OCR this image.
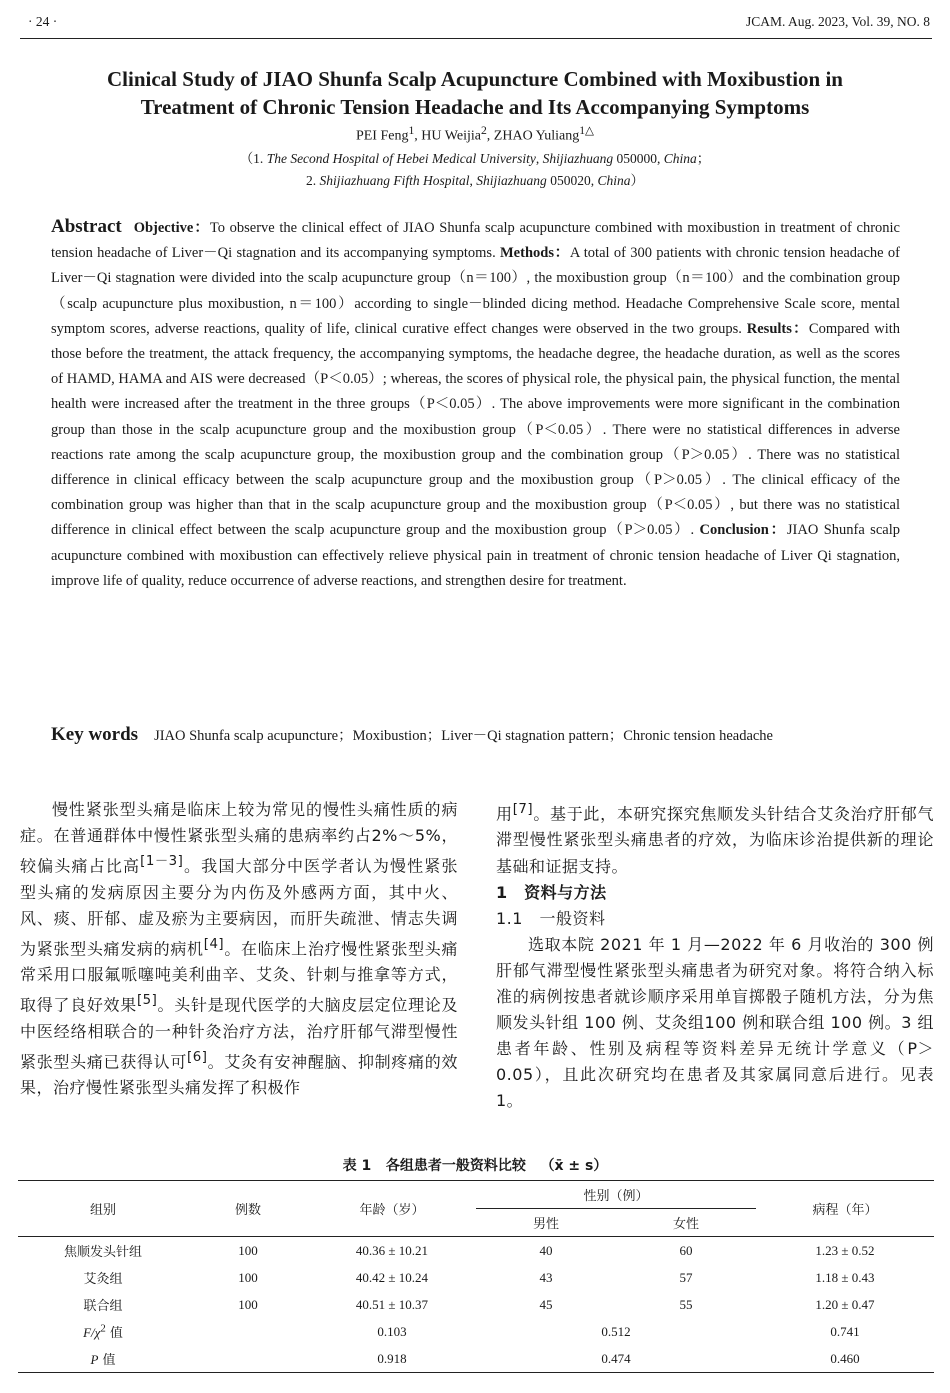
· 24 ·	JCAM. Aug. 2023, Vol. 39, NO. 8
Clinical Study of JIAO Shunfa Scalp Acupuncture Combined with Moxibustion in
Treatment of Chronic Tension Headache and Its Accompanying Symptoms
PEI Feng$^1$, HU Weijia$^2$, ZHAO Yuliang$^{1\triangle}$
（1. The Second Hospital of Hebei Medical University, Shijiazhuang 050000, China；
2. Shijiazhuang Fifth Hospital, Shijiazhuang 050020, China）
Abstract Objective：To observe the clinical effect of JIAO Shunfa scalp acupuncture combined with moxibustion in treatment of chronic tension headache of Liver－Qi stagnation and its accompanying symptoms. Methods：A total of 300 patients with chronic tension headache of Liver－Qi stagnation were divided into the scalp acupuncture group（n＝100）, the moxibustion group（n＝100）and the combination group（scalp acupuncture plus moxibustion, n＝100）according to single－blinded dicing method. Headache Comprehensive Scale score, mental symptom scores, adverse reactions, quality of life, clinical curative effect changes were observed in the two groups. Results：Compared with those before the treatment, the attack frequency, the accompanying symptoms, the headache degree, the headache duration, as well as the scores of HAMD, HAMA and AIS were decreased（P＜0.05）; whereas, the scores of physical role, the physical pain, the physical function, the mental health were increased after the treatment in the three groups（P＜0.05）. The above improvements were more significant in the combination group than those in the scalp acupuncture group and the moxibustion group（P＜0.05）. There were no statistical differences in adverse reactions rate among the scalp acupuncture group, the moxibustion group and the combination group（P＞0.05）. There was no statistical difference in clinical efficacy between the scalp acupuncture group and the moxibustion group（P＞0.05）. The clinical efficacy of the combination group was higher than that in the scalp acupuncture group and the moxibustion group（P＜0.05）, but there was no statistical difference in clinical effect between the scalp acupuncture group and the moxibustion group（P＞0.05）. Conclusion：JIAO Shunfa scalp acupuncture combined with moxibustion can effectively relieve physical pain in treatment of chronic tension headache of Liver Qi stagnation, improve life of quality, reduce occurrence of adverse reactions, and strengthen desire for treatment.
Key words JIAO Shunfa scalp acupuncture；Moxibustion；Liver－Qi stagnation pattern；Chronic tension headache

慢性紧张型头痛是临床上较为常见的慢性头痛性质的病症。在普通群体中慢性紧张型头痛的患病率约占2%～5%，较偏头痛占比高[1－3]。我国大部分中医学者认为慢性紧张型头痛的发病原因主要分为内伤及外感两方面，其中火、风、痰、肝郁、虚及瘀为主要病因，而肝失疏泄、情志失调为紧张型头痛发病的病机[4]。在临床上治疗慢性紧张型头痛常采用口服氟哌噻吨美利曲辛、艾灸、针刺与推拿等方式，取得了良好效果[5]。头针是现代医学的大脑皮层定位理论及中医经络相联合的一种针灸治疗方法，治疗肝郁气滞型慢性紧张型头痛已获得认可[6]。艾灸有安神醒脑、抑制疼痛的效果，治疗慢性紧张型头痛发挥了积极作

用[7]。基于此，本研究探究焦顺发头针结合艾灸治疗肝郁气滞型慢性紧张型头痛患者的疗效，为临床诊治提供新的理论基础和证据支持。

1　资料与方法

1.1　一般资料

选取本院 2021 年 1 月—2022 年 6 月收治的 300 例肝郁气滞型慢性紧张型头痛患者为研究对象。将符合纳入标准的病例按患者就诊顺序采用单盲掷骰子随机方法，分为焦顺发头针组 100 例、艾灸组100 例和联合组 100 例。3 组患者年龄、性别及病程等资料差异无统计学意义（P＞0.05），且此次研究均在患者及其家属同意后进行。见表 1。

表 1 各组患者一般资料比较 （x̄ ± s）
组别	例数	年龄（岁）	性别（例）		病程（年）
			男性	女性	
焦顺发头针组	100	40.36 ± 10.21	40	60	1.23 ± 0.52
艾灸组	100	40.42 ± 10.24	43	57	1.18 ± 0.43
联合组	100	40.51 ± 10.37	45	55	1.20 ± 0.47
$F/\chi^2$ 值		0.103	0.512		0.741
P 值		0.918	0.474		0.460
